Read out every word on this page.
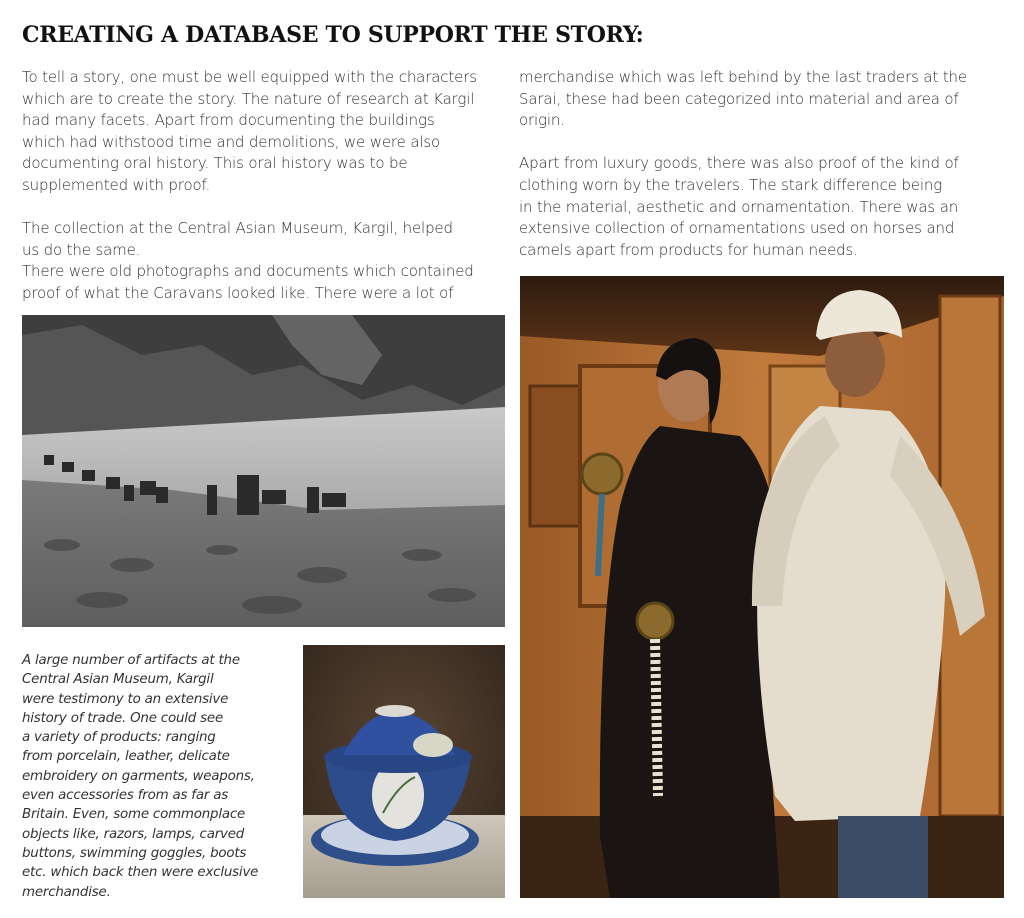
CREATING A DATABASE TO SUPPORT THE STORY:

To tell a story, one must be well equipped with the characters

which are to create the story. The nature of research at Kargil

had many facets. Apart from documenting the buildings

which had withstood time and demolitions, we were also

documenting oral history. This oral history was to be

supplemented with proof.

The collection at the Central Asian Museum, Kargil, helped

us do the same.

There were old photographs and documents which contained

proof of what the Caravans looked like. There were a lot of

merchandise which was left behind by the last traders at the

Sarai, these had been categorized into material and area of

origin.

Apart from luxury goods, there was also proof of the kind of

clothing worn by the travelers. The stark difference being

in the material, aesthetic and ornamentation. There was an

extensive collection of ornamentations used on horses and

camels apart from products for human needs.

A large number of artifacts at the

Central Asian Museum, Kargil

were testimony to an extensive

history of trade. One could see

a variety of products: ranging

from porcelain, leather, delicate

embroidery on garments, weapons,

even accessories from as far as

Britain. Even, some commonplace

objects like, razors, lamps, carved

buttons, swimming goggles, boots

etc. which back then were exclusive

merchandise.
